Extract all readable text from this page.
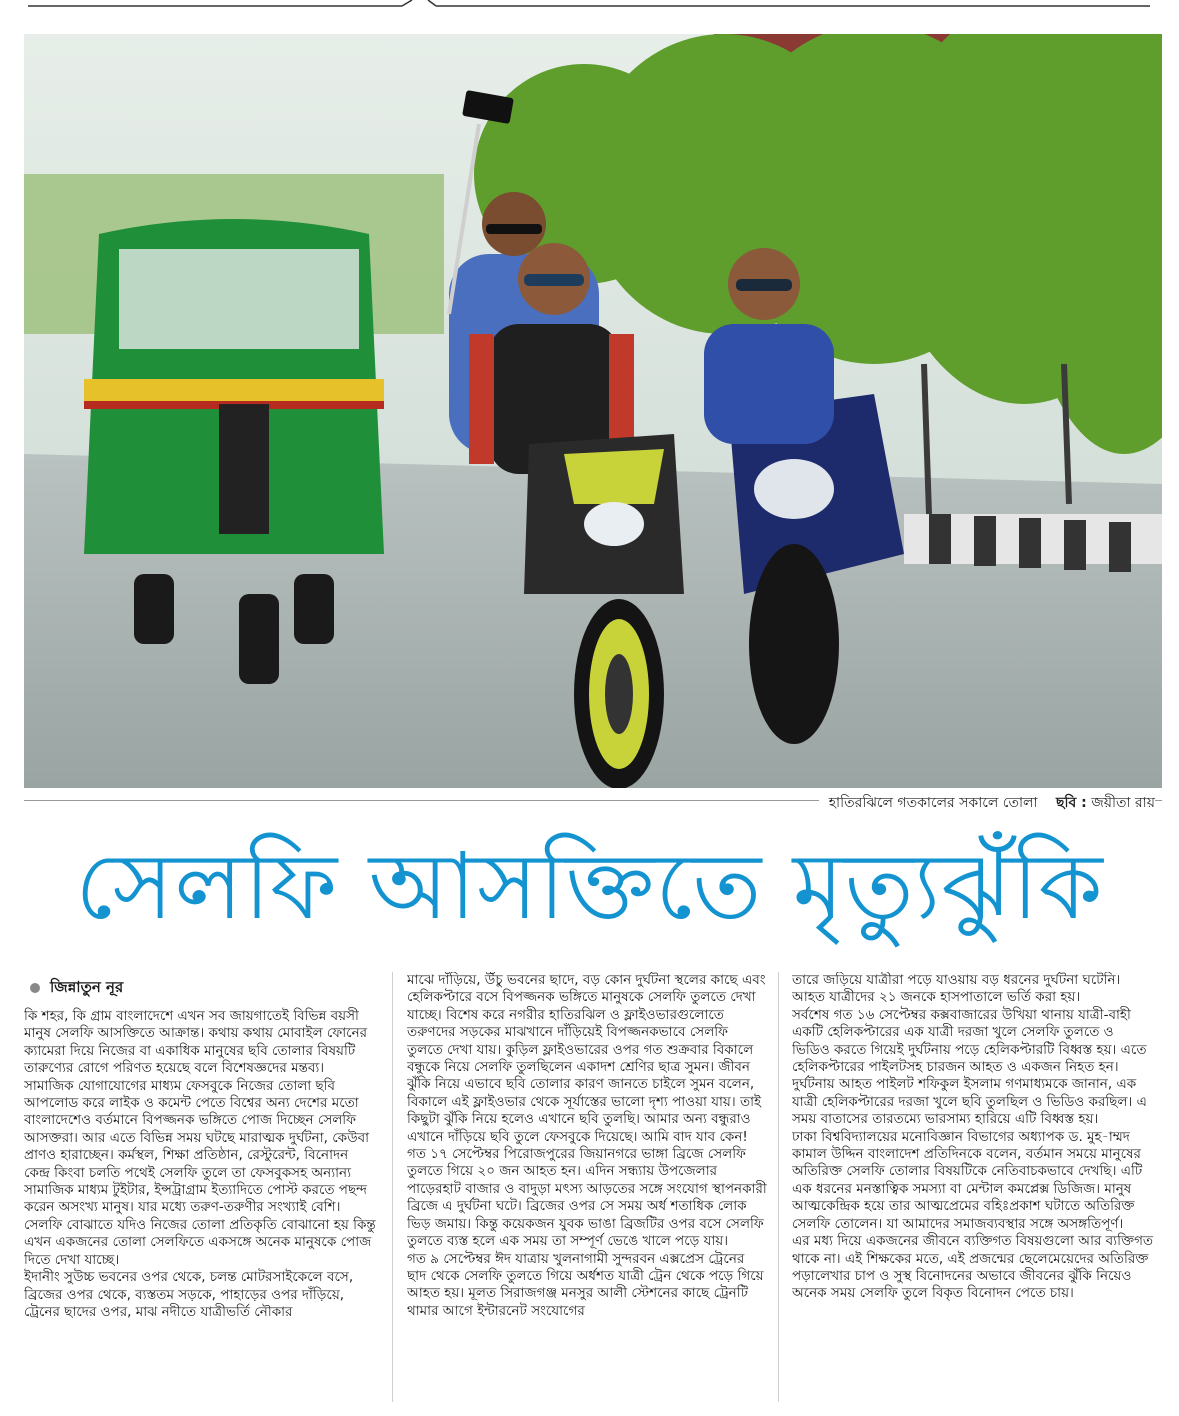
হাতিরঝিলে গতকালের সকালে তোলা ছবি : জয়ীতা রায়
সেলফি আসক্তিতে মৃত্যুঝুঁকি
জিন্নাতুন নূর

কি শহর, কি গ্রাম বাংলাদেশে এখন সব জায়গাতেই বিভিন্ন বয়সী মানুষ সেলফি আসক্তিতে আক্রান্ত। কথায় কথায় মোবাইল ফোনের ক্যামেরা দিয়ে নিজের বা একাধিক মানুষের ছবি তোলার বিষয়টি তারুণ্যের রোগে পরিণত হয়েছে বলে বিশেষজ্ঞদের মন্তব্য। সামাজিক যোগাযোগের মাধ্যম ফেসবুকে নিজের তোলা ছবি আপলোড করে লাইক ও কমেন্ট পেতে বিশ্বের অন্য দেশের মতো বাংলাদেশেও বর্তমানে বিপজ্জনক ভঙ্গিতে পোজ দিচ্ছেন সেলফি আসক্তরা। আর এতে বিভিন্ন সময় ঘটছে মারাত্মক দুর্ঘটনা, কেউবা প্রাণও হারাচ্ছেন। কর্মস্থল, শিক্ষা প্রতিষ্ঠান, রেস্টুরেন্ট, বিনোদন কেন্দ্র কিংবা চলতি পথেই সেলফি তুলে তা ফেসবুকসহ অন্যান্য সামাজিক মাধ্যম টুইটার, ইন্সট্রাগ্রাম ইত্যাদিতে পোস্ট করতে পছন্দ করেন অসংখ্য মানুষ। যার মধ্যে তরুণ-তরুণীর সংখ্যাই বেশি।

সেলফি বোঝাতে যদিও নিজের তোলা প্রতিকৃতি বোঝানো হয় কিন্তু এখন একজনের তোলা সেলফিতে একসঙ্গে অনেক মানুষকে পোজ দিতে দেখা যাচ্ছে।

ইদানীং সুউচ্চ ভবনের ওপর থেকে, চলন্ত মোটরসাইকেলে বসে, ব্রিজের ওপর থেকে, ব্যস্ততম সড়কে, পাহাড়ের ওপর দাঁড়িয়ে, ট্রেনের ছাদের ওপর, মাঝ নদীতে যাত্রীভর্তি নৌকার

মাঝে দাঁড়িয়ে, উঁচু ভবনের ছাদে, বড় কোন দুর্ঘটনা স্থলের কাছে এবং হেলিকপ্টারে বসে বিপজ্জনক ভঙ্গিতে মানুষকে সেলফি তুলতে দেখা যাচ্ছে। বিশেষ করে নগরীর হাতিরঝিল ও ফ্লাইওভারগুলোতে তরুণদের সড়কের মাঝখানে দাঁড়িয়েই বিপজ্জনকভাবে সেলফি তুলতে দেখা যায়। কুড়িল ফ্লাইওভারের ওপর গত শুক্রবার বিকালে বন্ধুকে নিয়ে সেলফি তুলছিলেন একাদশ শ্রেণির ছাত্র সুমন। জীবন ঝুঁকি নিয়ে এভাবে ছবি তোলার কারণ জানতে চাইলে সুমন বলেন, বিকালে এই ফ্লাইওভার থেকে সূর্যাস্তের ভালো দৃশ্য পাওয়া যায়। তাই কিছুটা ঝুঁকি নিয়ে হলেও এখানে ছবি তুলছি। আমার অন্য বন্ধুরাও এখানে দাঁড়িয়ে ছবি তুলে ফেসবুকে দিয়েছে। আমি বাদ যাব কেন! গত ১৭ সেপ্টেম্বর পিরোজপুরের জিয়ানগরে ভাঙ্গা ব্রিজে সেলফি তুলতে গিয়ে ২০ জন আহত হন। এদিন সন্ধ্যায় উপজেলার পাড়েরহাট বাজার ও বাদুড়া মৎস্য আড়তের সঙ্গে সংযোগ স্থাপনকারী ব্রিজে এ দুর্ঘটনা ঘটে। ব্রিজের ওপর সে সময় অর্ধ শতাধিক লোক ভিড় জমায়। কিন্তু কয়েকজন যুবক ভাঙা ব্রিজটির ওপর বসে সেলফি তুলতে ব্যস্ত হলে এক সময় তা সম্পূর্ণ ভেঙে খালে পড়ে যায়।

গত ৯ সেপ্টেম্বর ঈদ যাত্রায় খুলনাগামী সুন্দরবন এক্সপ্রেস ট্রেনের ছাদ থেকে সেলফি তুলতে গিয়ে অর্ধশত যাত্রী ট্রেন থেকে পড়ে গিয়ে আহত হয়। মূলত সিরাজগঞ্জ মনসুর আলী স্টেশনের কাছে ট্রেনটি থামার আগে ইন্টারনেট সংযোগের

তারে জড়িয়ে যাত্রীরা পড়ে যাওয়ায় বড় ধরনের দুর্ঘটনা ঘটেনি। আহত যাত্রীদের ২১ জনকে হাসপাতালে ভর্তি করা হয়।

সর্বশেষ গত ১৬ সেপ্টেম্বর কক্সবাজারের উখিয়া থানায় যাত্রী-বাহী একটি হেলিকপ্টারের এক যাত্রী দরজা খুলে সেলফি তুলতে ও ভিডিও করতে গিয়েই দুর্ঘটনায় পড়ে হেলিকপ্টারটি বিধ্বস্ত হয়। এতে হেলিকপ্টারের পাইলটসহ চারজন আহত ও একজন নিহত হন। দুর্ঘটনায় আহত পাইলট শফিকুল ইসলাম গণমাধ্যমকে জানান, এক যাত্রী হেলিকপ্টারের দরজা খুলে ছবি তুলছিল ও ভিডিও করছিল। এ সময় বাতাসের তারতম্যে ভারসাম্য হারিয়ে এটি বিধ্বস্ত হয়।

ঢাকা বিশ্ববিদ্যালয়ের মনোবিজ্ঞান বিভাগের অধ্যাপক ড. মুহ-াম্মদ কামাল উদ্দিন বাংলাদেশ প্রতিদিনকে বলেন, বর্তমান সময়ে মানুষের অতিরিক্ত সেলফি তোলার বিষয়টিকে নেতিবাচকভাবে দেখছি। এটি এক ধরনের মনস্তাত্বিক সমস্যা বা মেন্টাল কমপ্লেক্স ডিজিজ। মানুষ আত্মকেন্দ্রিক হয়ে তার আত্মপ্রেমের বহিঃপ্রকাশ ঘটাতে অতিরিক্ত সেলফি তোলেন। যা আমাদের সমাজব্যবস্থার সঙ্গে অসঙ্গতিপূর্ণ।

এর মধ্য দিয়ে একজনের জীবনে ব্যক্তিগত বিষয়গুলো আর ব্যক্তিগত থাকে না। এই শিক্ষকের মতে, এই প্রজন্মের ছেলেমেয়েদের অতিরিক্ত পড়ালেখার চাপ ও সুস্থ বিনোদনের অভাবে জীবনের ঝুঁকি নিয়েও অনেক সময় সেলফি তুলে বিকৃত বিনোদন পেতে চায়।
